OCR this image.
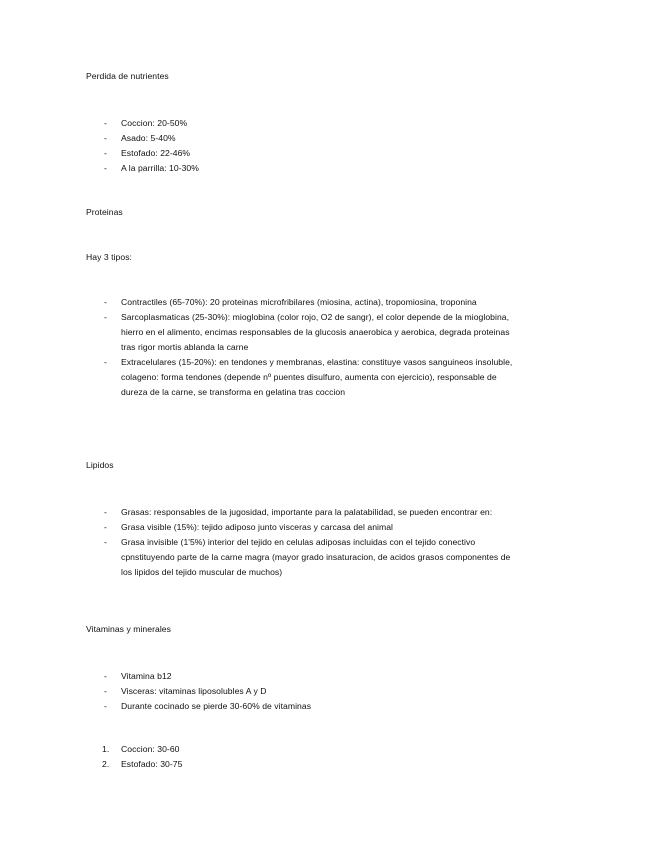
Perdida de nutrientes
- Coccion: 20-50%
- Asado: 5-40%
- Estofado: 22-46%
- A la parrilla: 10-30%
Proteinas
Hay 3 tipos:
- Contractiles (65-70%): 20 proteinas microfribilares (miosina, actina), tropomiosina, troponina
- Sarcoplasmaticas (25-30%): mioglobina (color rojo, O2 de sangr), el color depende de la mioglobina, hierro en el alimento, encimas responsables de la glucosis anaerobica y aerobica, degrada proteinas tras rigor mortis ablanda la carne
- Extracelulares (15-20%): en tendones y membranas, elastina: constituye vasos sanguineos insoluble, colageno: forma tendones (depende nº puentes disulfuro, aumenta con ejercicio), responsable de dureza de la carne, se transforma en gelatina tras coccion
Lipidos
- Grasas: responsables de la jugosidad, importante para la palatabilidad, se pueden encontrar en:
- Grasa visible (15%): tejido adiposo junto visceras y carcasa del animal
- Grasa invisible (1'5%) interior del tejido en celulas adiposas incluidas con el tejido conectivo cpnstituyendo parte de la carne magra (mayor grado insaturacion, de acidos grasos componentes de los lipidos del tejido muscular de muchos)
Vitaminas y minerales
- Vitamina b12
- Visceras: vitaminas liposolubles A y D
- Durante cocinado se pierde 30-60% de vitaminas
1. Coccion: 30-60
2. Estofado: 30-75
